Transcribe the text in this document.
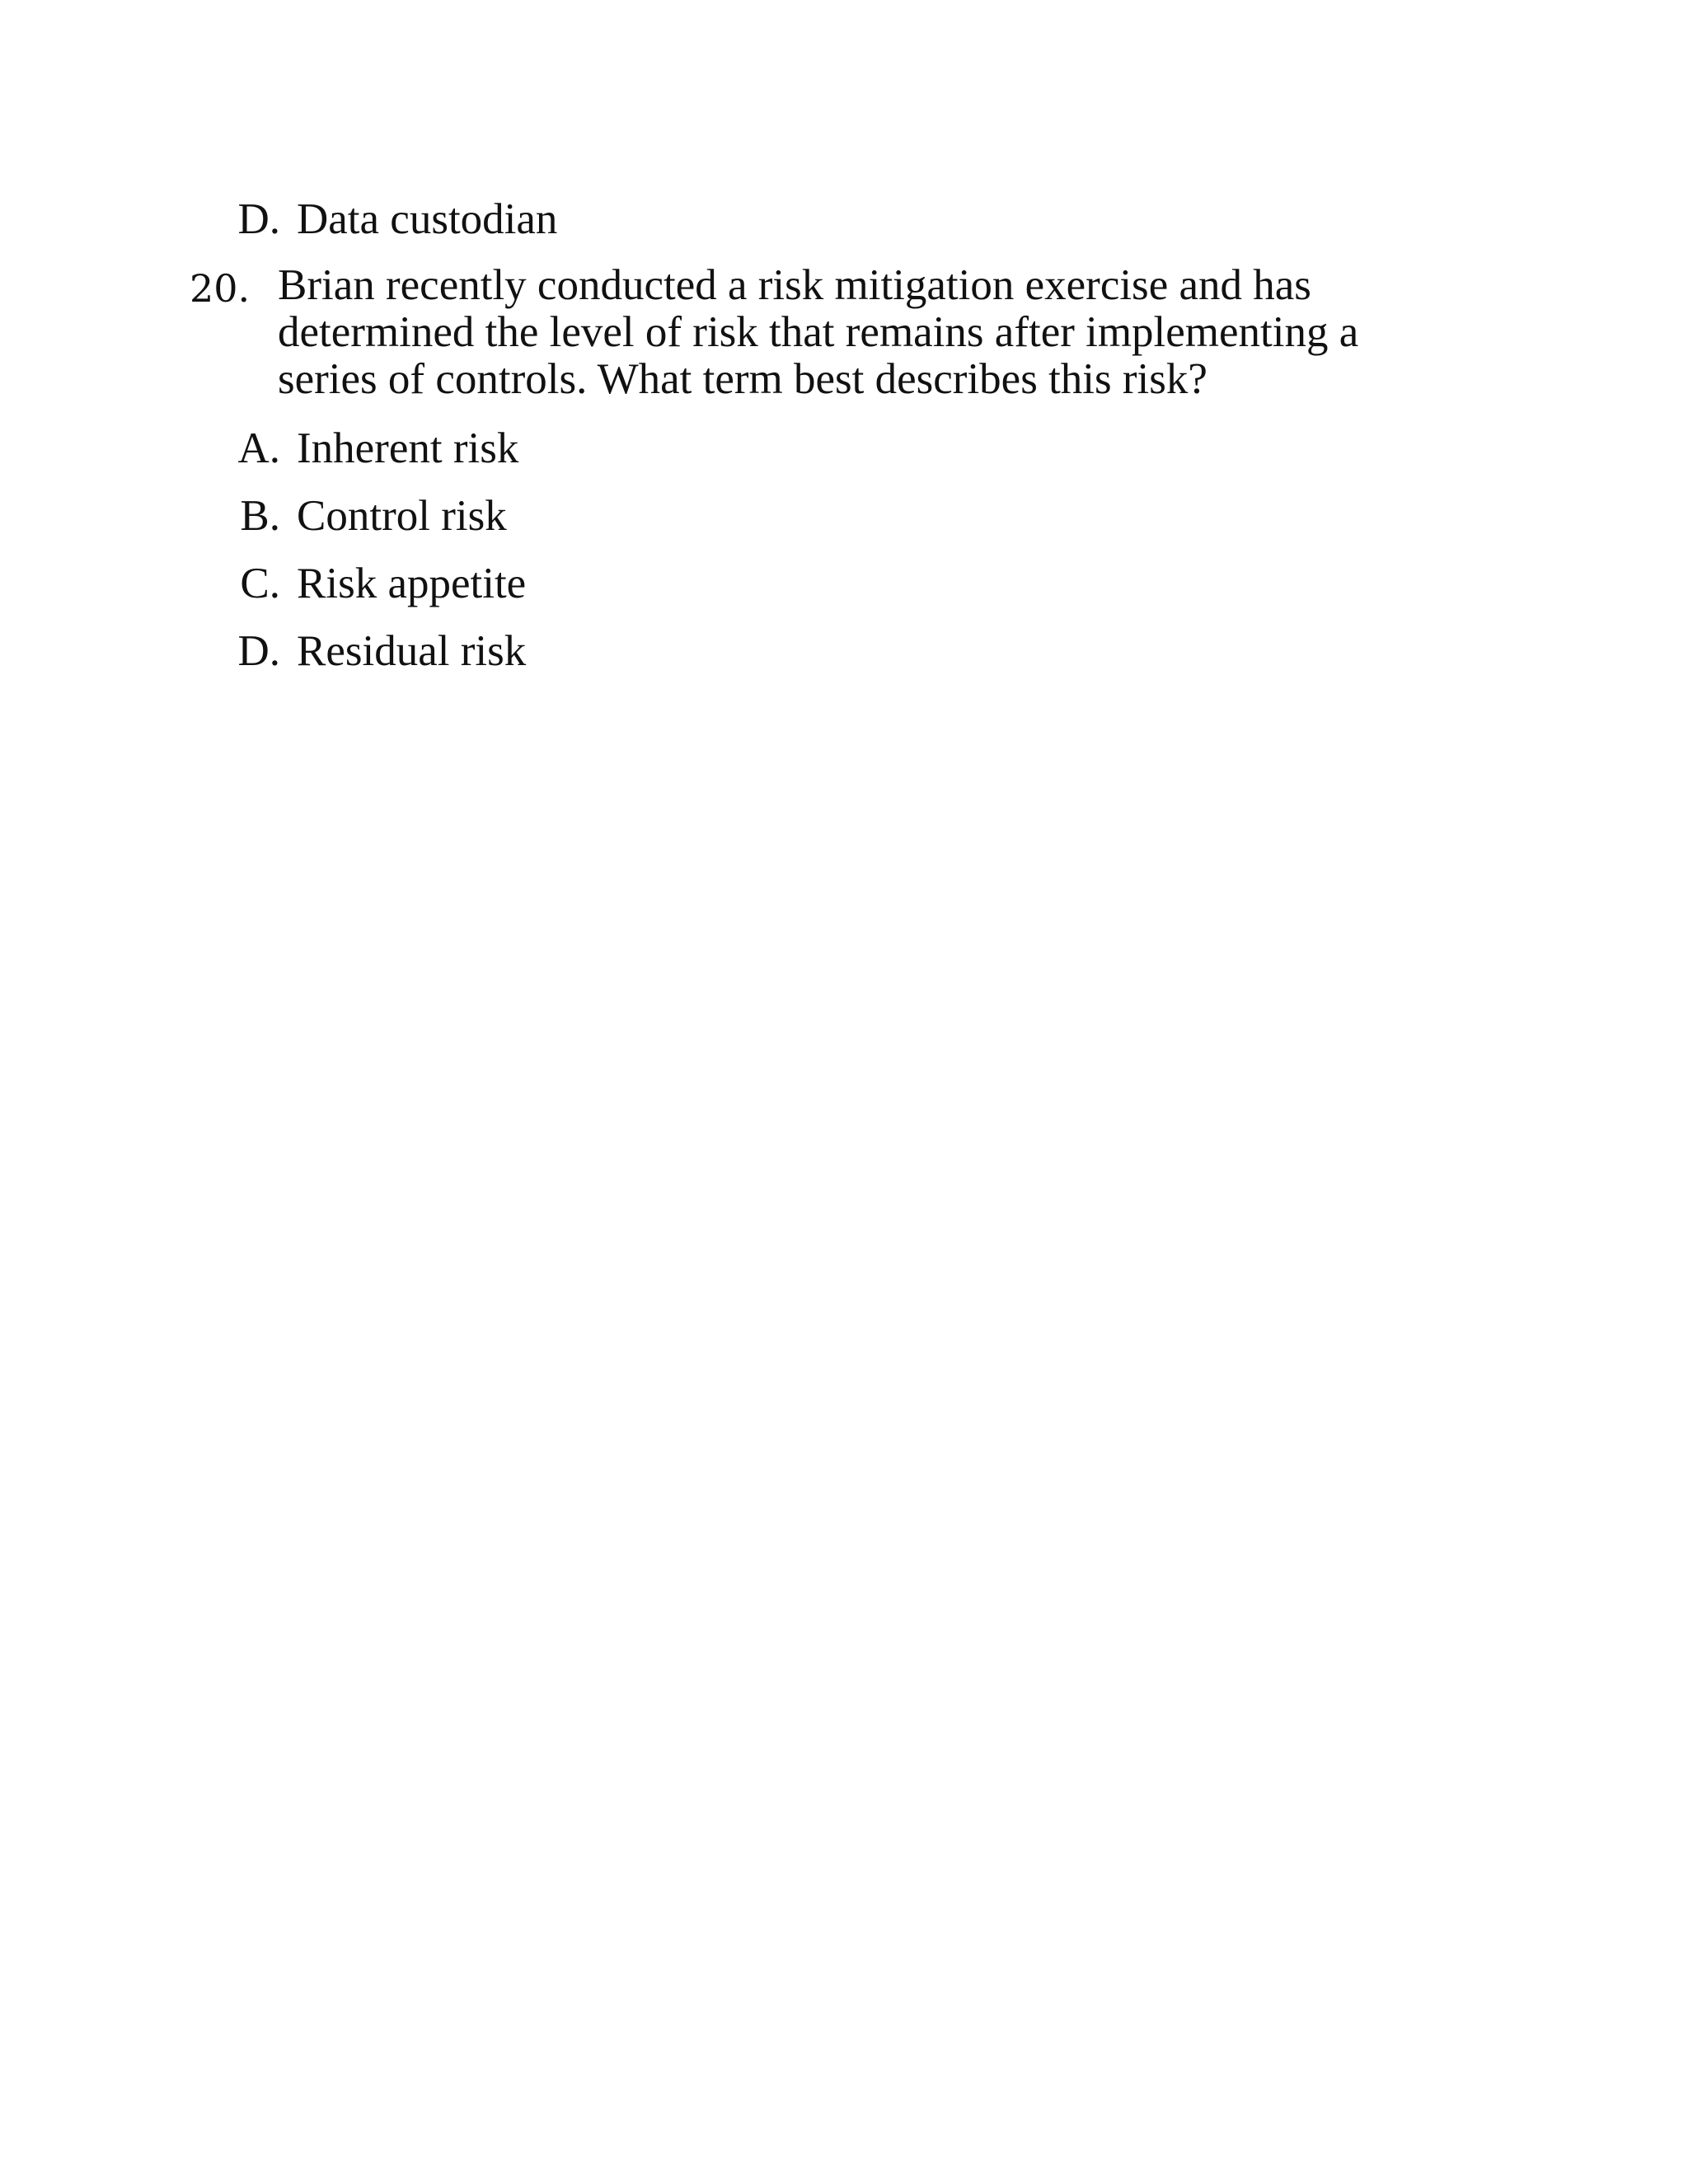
D. Data custodian
20. Brian recently conducted a risk mitigation exercise and has
determined the level of risk that remains after implementing a
series of controls. What term best describes this risk?
A. Inherent risk
B. Control risk
C. Risk appetite
D. Residual risk
